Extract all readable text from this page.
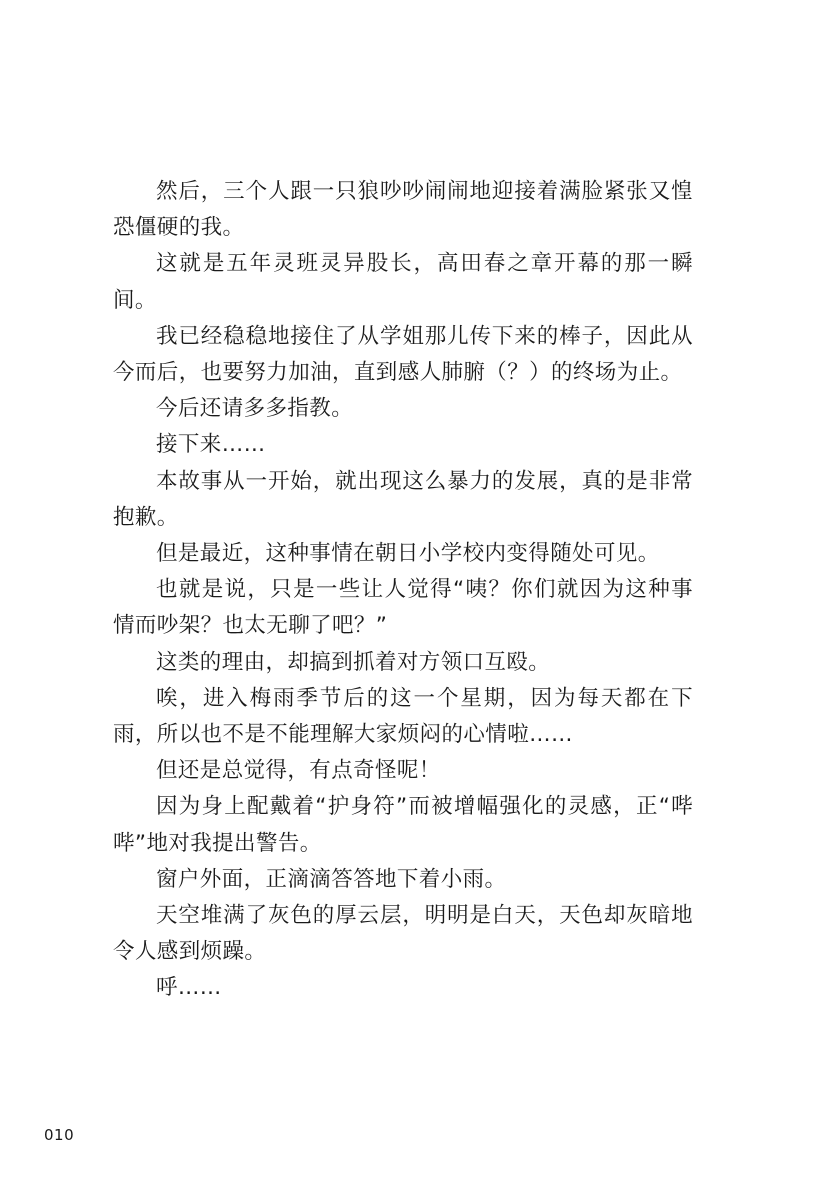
然后，三个人跟一只狼吵吵闹闹地迎接着满脸紧张又惶恐僵硬的我。

这就是五年灵班灵异股长，高田春之章开幕的那一瞬间。

我已经稳稳地接住了从学姐那儿传下来的棒子，因此从今而后，也要努力加油，直到感人肺腑（？）的终场为止。

今后还请多多指教。

接下来……

本故事从一开始，就出现这么暴力的发展，真的是非常抱歉。

但是最近，这种事情在朝日小学校内变得随处可见。

也就是说，只是一些让人觉得“咦？你们就因为这种事情而吵架？也太无聊了吧？”

这类的理由，却搞到抓着对方领口互殴。

唉，进入梅雨季节后的这一个星期，因为每天都在下雨，所以也不是不能理解大家烦闷的心情啦……

但还是总觉得，有点奇怪呢！

因为身上配戴着“护身符”而被增幅强化的灵感，正“哔哔”地对我提出警告。

窗户外面，正滴滴答答地下着小雨。

天空堆满了灰色的厚云层，明明是白天，天色却灰暗地令人感到烦躁。

呼……

010
